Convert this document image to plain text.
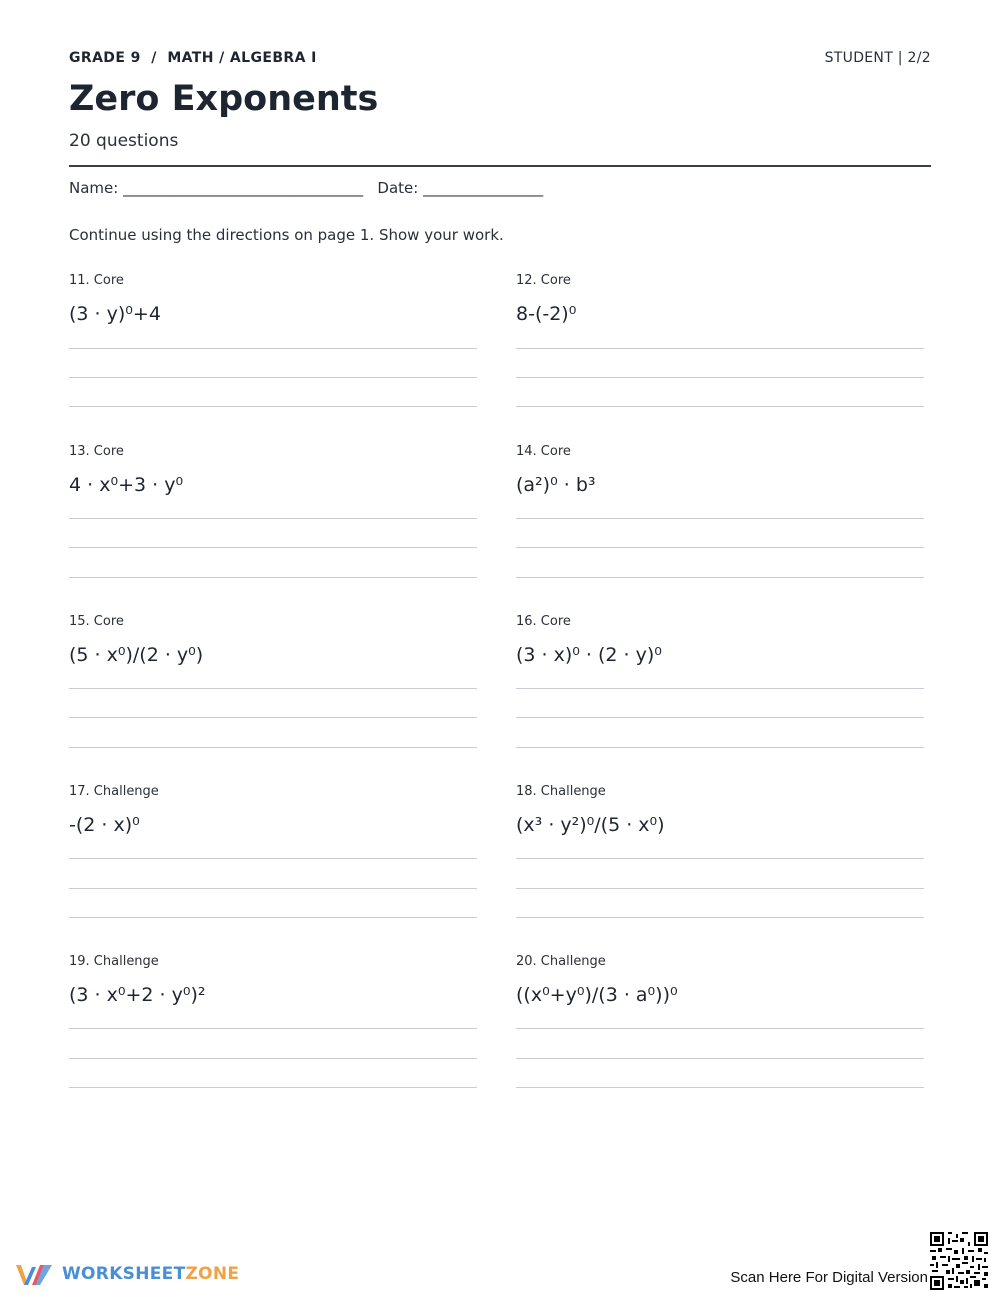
GRADE 9  /  MATH / ALGEBRA I	STUDENT | 2/2
Zero Exponents
20 questions
Name: ________________________________ Date: ________________
Continue using the directions on page 1. Show your work.
11. Core
(3 · y)⁰+4
12. Core
8-(-2)⁰
13. Core
4 · x⁰+3 · y⁰
14. Core
(a²)⁰ · b³
15. Core
(5 · x⁰)/(2 · y⁰)
16. Core
(3 · x)⁰ · (2 · y)⁰
17. Challenge
-(2 · x)⁰
18. Challenge
(x³ · y²)⁰/(5 · x⁰)
19. Challenge
(3 · x⁰+2 · y⁰)²
20. Challenge
((x⁰+y⁰)/(3 · a⁰))⁰
WORKSHEETZONE	Scan Here For Digital Version
